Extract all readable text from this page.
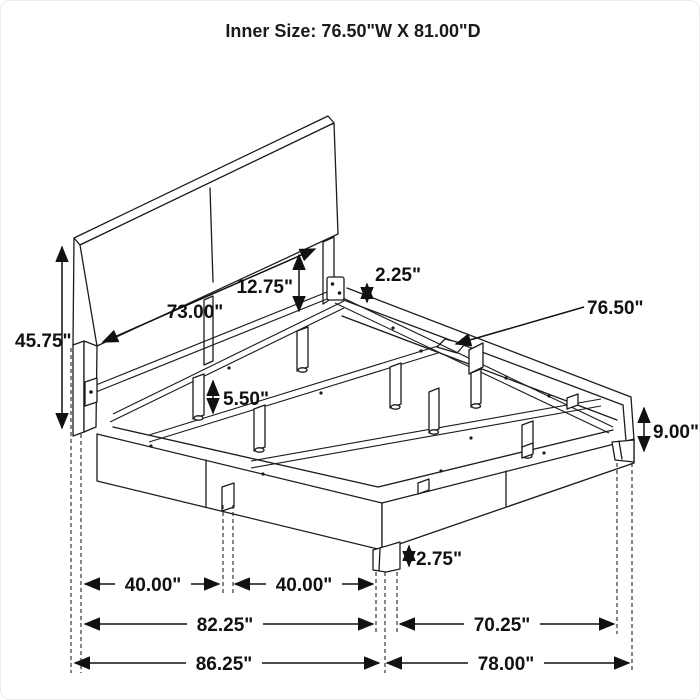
Inner Size: 76.50"W X 81.00"D
45.75"
73.00"
12.75"
2.25"
76.50"
5.50"
9.00"
2.75"
40.00"	40.00"
82.25"
86.25"
70.25"
78.00"
